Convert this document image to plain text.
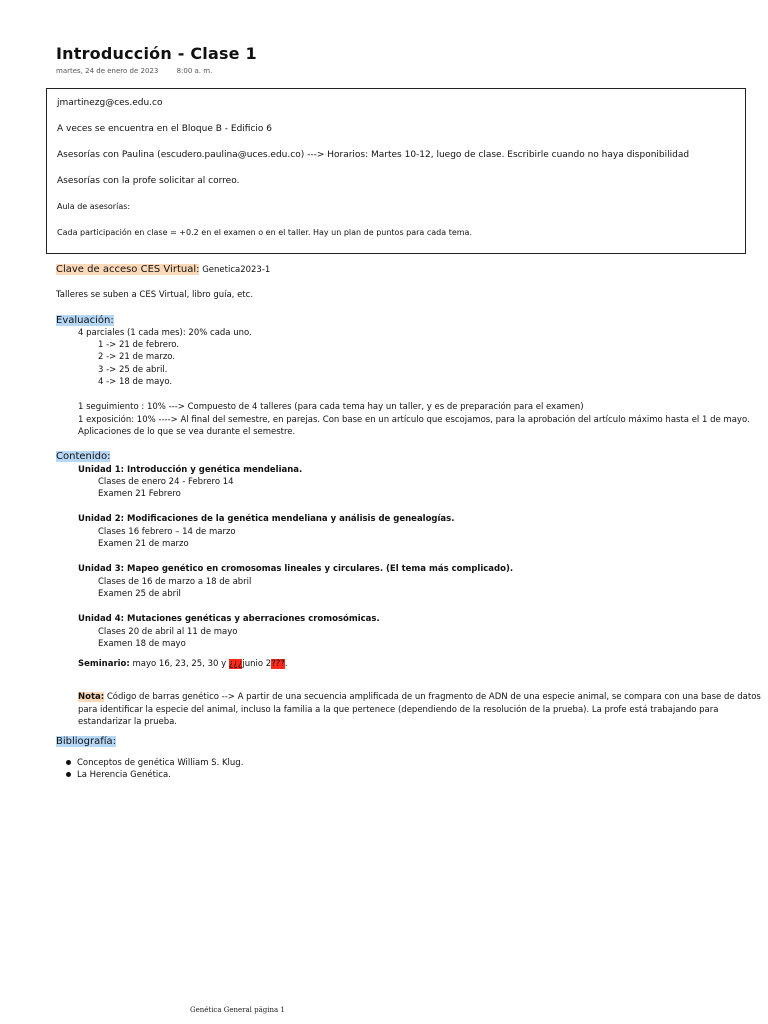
Introducción - Clase 1
martes, 24 de enero de 2023	8:00 a. m.

jmartinezg@ces.edu.co

A veces se encuentra en el Bloque B - Edificio 6

Asesorías con Paulina (escudero.paulina@uces.edu.co) ---> Horarios: Martes 10-12, luego de clase. Escribirle cuando no haya disponibilidad

Asesorías con la profe solicitar al correo.

Aula de asesorías:

Cada participación en clase = +0.2 en el examen o en el taller. Hay un plan de puntos para cada tema.

Clave de acceso CES Virtual: Genetica2023-1
Talleres se suben a CES Virtual, libro guía, etc.
Evaluación:
4 parciales (1 cada mes): 20% cada uno.
1 -> 21 de febrero.
2 -> 21 de marzo.
3 -> 25 de abril.
4 -> 18 de mayo.
1 seguimiento : 10% ---> Compuesto de 4 talleres (para cada tema hay un taller, y es de preparación para el examen)
1 exposición: 10% ----> Al final del semestre, en parejas. Con base en un artículo que escojamos, para la aprobación del artículo máximo hasta el 1 de mayo.
Aplicaciones de lo que se vea durante el semestre.
Contenido:
Unidad 1: Introducción y genética mendeliana.
Clases de enero 24 - Febrero 14
Examen 21 Febrero
Unidad 2: Modificaciones de la genética mendeliana y análisis de genealogías.
Clases 16 febrero – 14 de marzo
Examen 21 de marzo
Unidad 3: Mapeo genético en cromosomas lineales y circulares. (El tema más complicado).
Clases de 16 de marzo a 18 de abril
Examen 25 de abril
Unidad 4: Mutaciones genéticas y aberraciones cromosómicas.
Clases 20 de abril al 11 de mayo
Examen 18 de mayo
Seminario: mayo 16, 23, 25, 30 y ¿¿¿junio 2???.
Nota: Código de barras genético --> A partir de una secuencia amplificada de un fragmento de ADN de una especie animal, se compara con una base de datos para identificar la especie del animal, incluso la familia a la que pertenece (dependiendo de la resolución de la prueba). La profe está trabajando para estandarizar la prueba.
Bibliografía:
Conceptos de genética William S. Klug.
La Herencia Genética.
Genética General página 1
